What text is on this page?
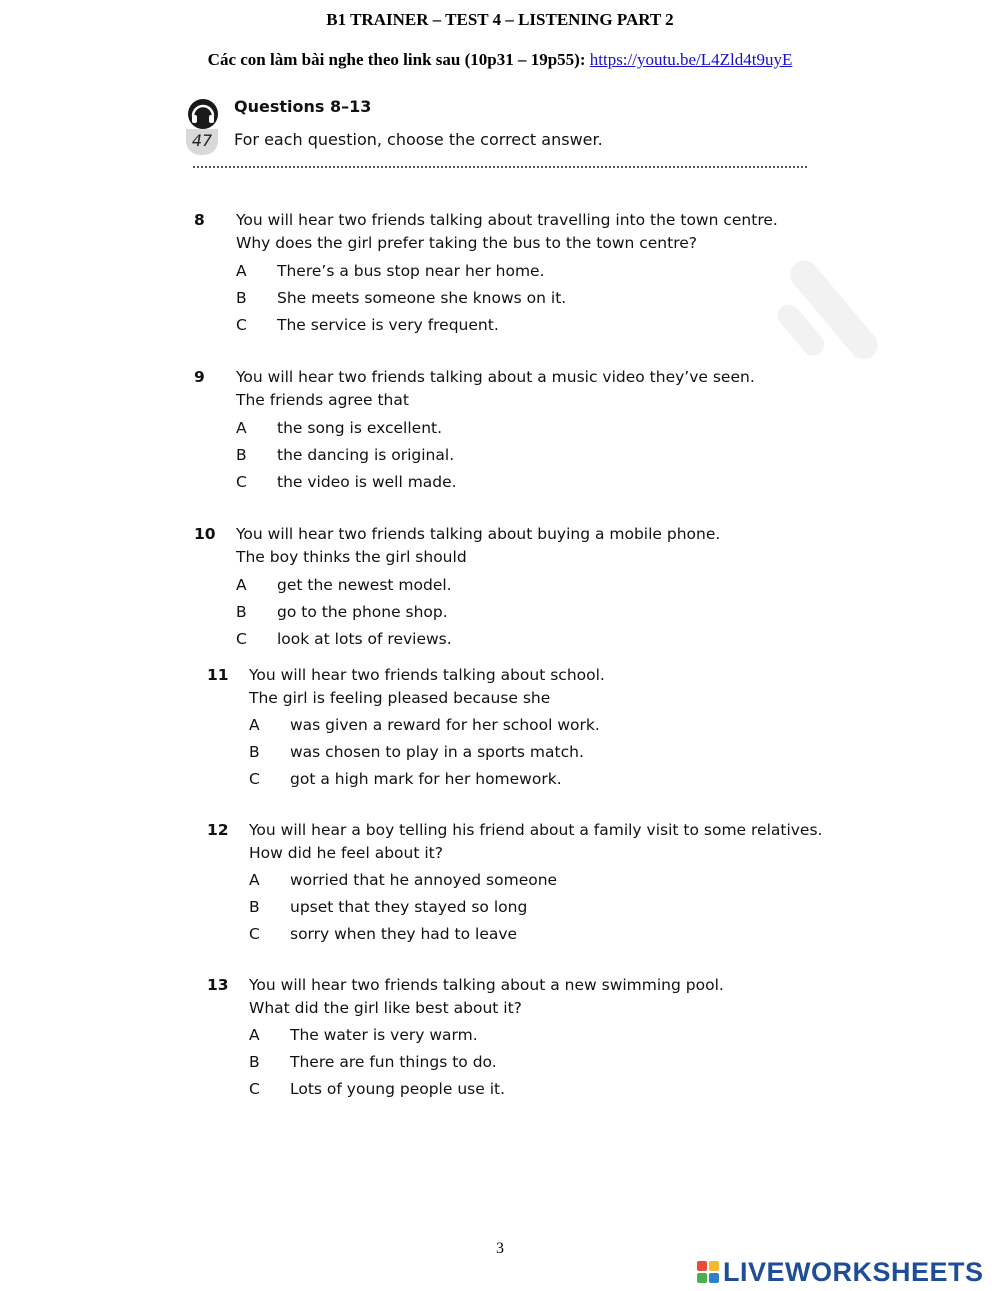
B1 TRAINER – TEST 4 – LISTENING PART 2
Các con làm bài nghe theo link sau (10p31 – 19p55): https://youtu.be/L4Zld4t9uyE
47
Questions 8–13
For each question, choose the correct answer.
8 You will hear two friends talking about travelling into the town centre.
Why does the girl prefer taking the bus to the town centre?
A There’s a bus stop near her home.
B She meets someone she knows on it.
C The service is very frequent.
9 You will hear two friends talking about a music video they’ve seen.
The friends agree that
A the song is excellent.
B the dancing is original.
C the video is well made.
10 You will hear two friends talking about buying a mobile phone.
The boy thinks the girl should
A get the newest model.
B go to the phone shop.
C look at lots of reviews.
11 You will hear two friends talking about school.
The girl is feeling pleased because she
A was given a reward for her school work.
B was chosen to play in a sports match.
C got a high mark for her homework.
12 You will hear a boy telling his friend about a family visit to some relatives.
How did he feel about it?
A worried that he annoyed someone
B upset that they stayed so long
C sorry when they had to leave
13 You will hear two friends talking about a new swimming pool.
What did the girl like best about it?
A The water is very warm.
B There are fun things to do.
C Lots of young people use it.
3
LIVEWORKSHEETS
